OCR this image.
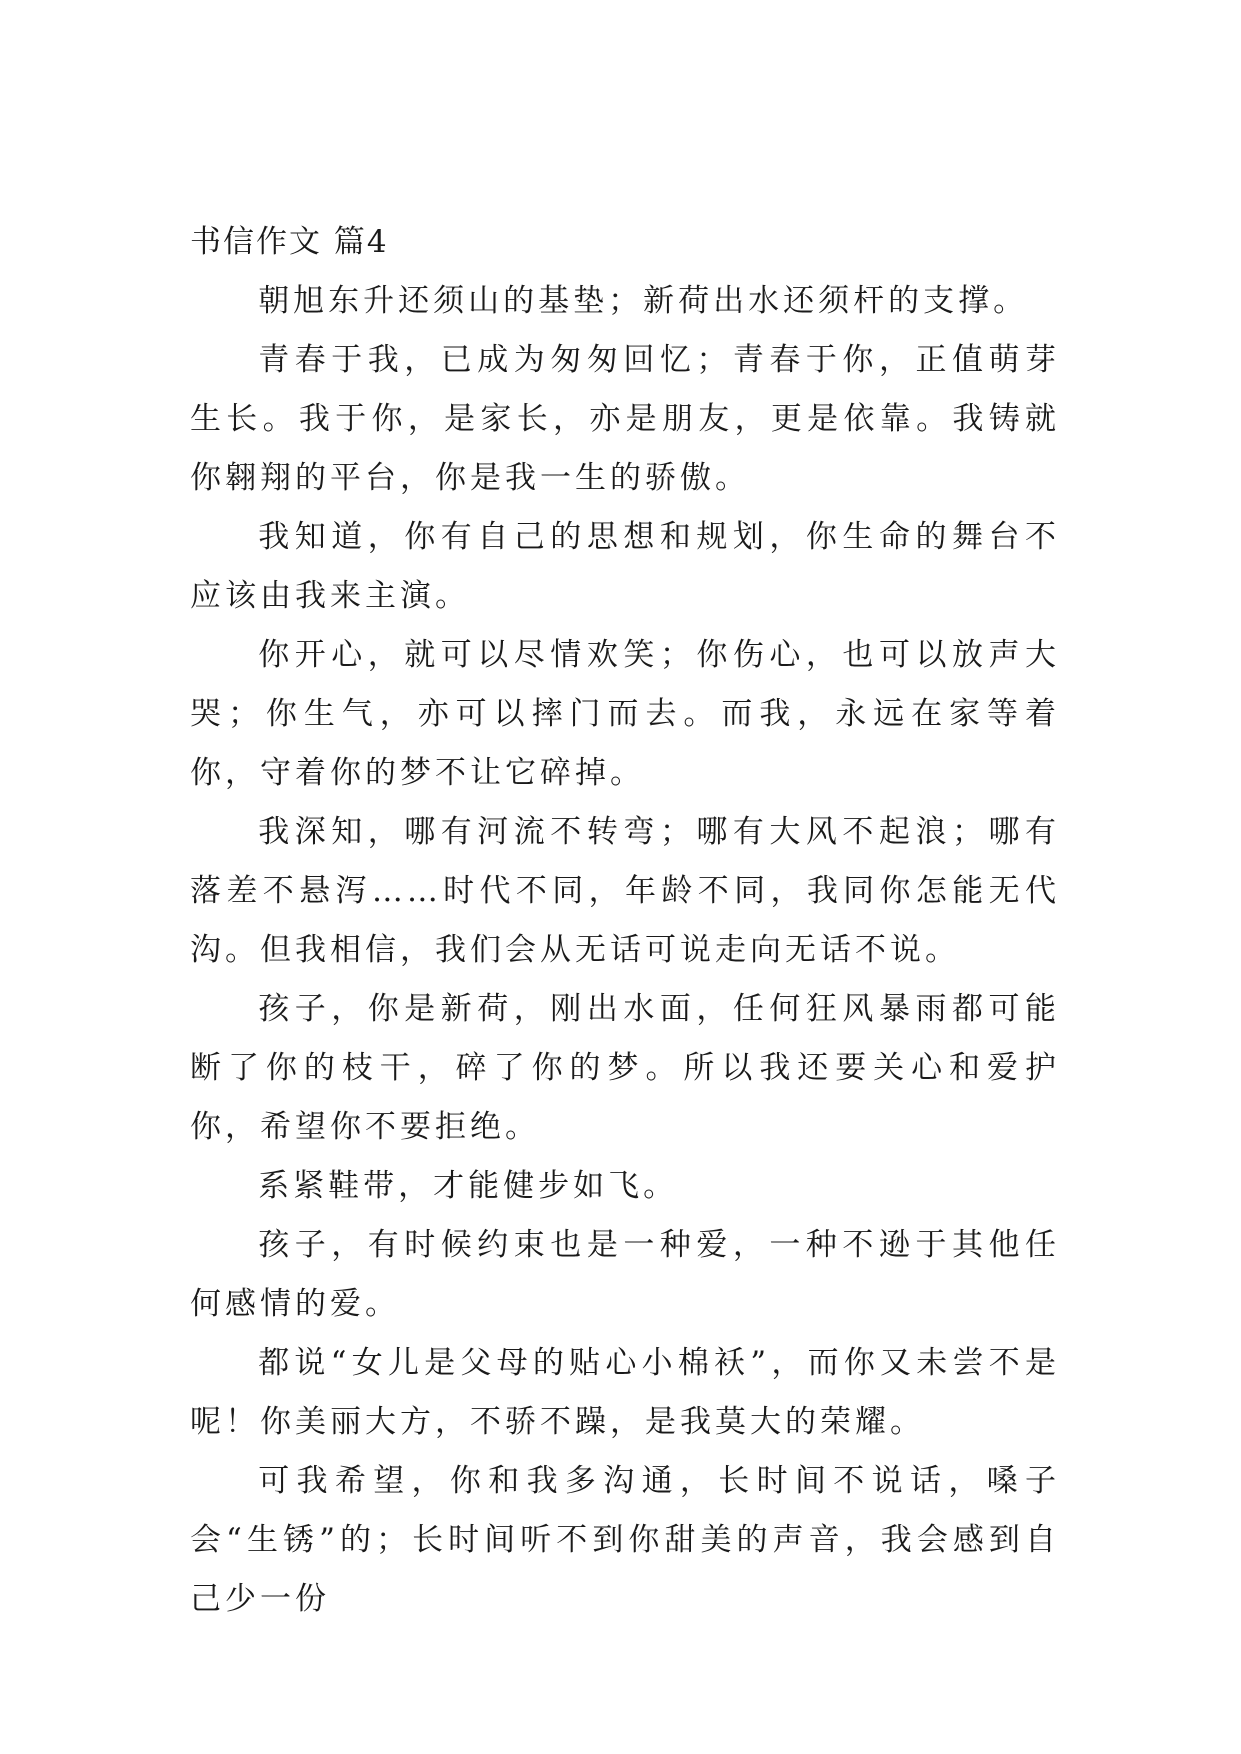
书信作文 篇4

朝旭东升还须山的基垫；新荷出水还须杆的支撑。

青春于我，已成为匆匆回忆；青春于你，正值萌芽生长。我于你，是家长，亦是朋友，更是依靠。我铸就你翱翔的平台，你是我一生的骄傲。

我知道，你有自己的思想和规划，你生命的舞台不应该由我来主演。

你开心，就可以尽情欢笑；你伤心，也可以放声大哭；你生气，亦可以摔门而去。而我，永远在家等着你，守着你的梦不让它碎掉。

我深知，哪有河流不转弯；哪有大风不起浪；哪有落差不悬泻……时代不同，年龄不同，我同你怎能无代沟。但我相信，我们会从无话可说走向无话不说。

孩子，你是新荷，刚出水面，任何狂风暴雨都可能断了你的枝干，碎了你的梦。所以我还要关心和爱护你，希望你不要拒绝。

系紧鞋带，才能健步如飞。

孩子，有时候约束也是一种爱，一种不逊于其他任何感情的爱。

都说“女儿是父母的贴心小棉袄”，而你又未尝不是呢！你美丽大方，不骄不躁，是我莫大的荣耀。

可我希望，你和我多沟通，长时间不说话，嗓子会“生锈”的；长时间听不到你甜美的声音，我会感到自己少一份
